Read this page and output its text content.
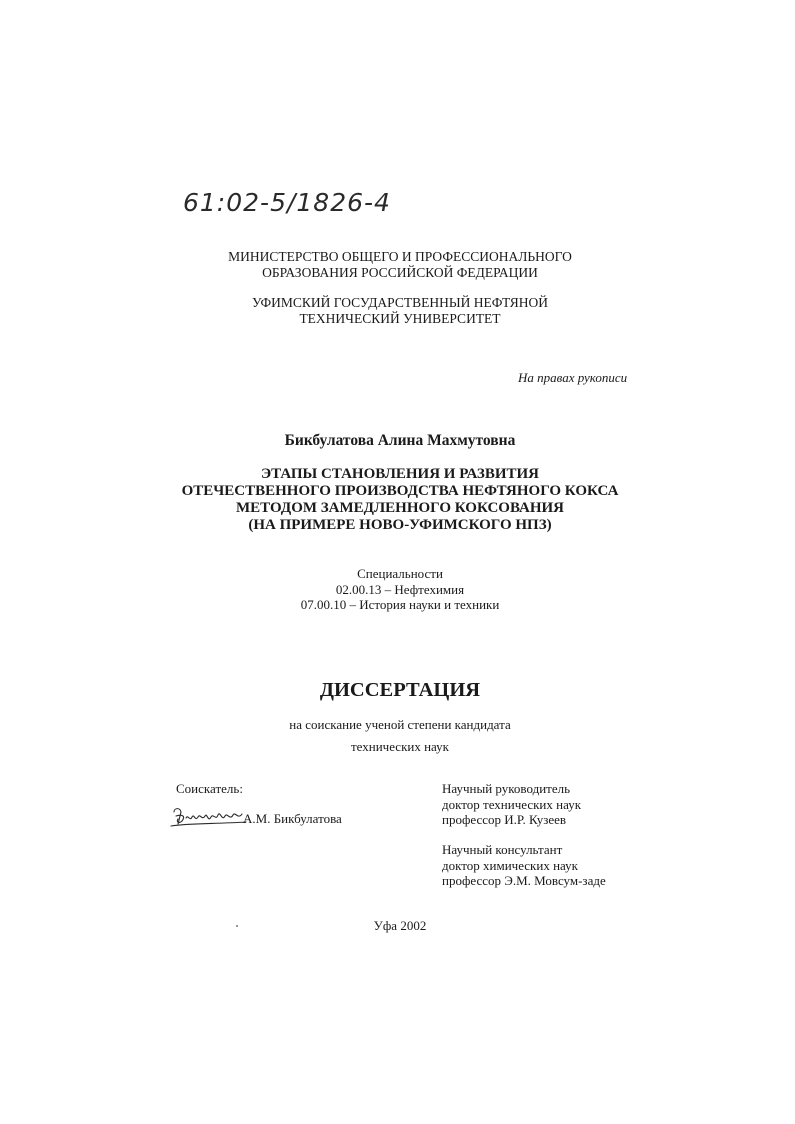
61:02-5/1826-4
МИНИСТЕРСТВО ОБЩЕГО И ПРОФЕССИОНАЛЬНОГО
ОБРАЗОВАНИЯ РОССИЙСКОЙ ФЕДЕРАЦИИ
УФИМСКИЙ ГОСУДАРСТВЕННЫЙ НЕФТЯНОЙ
ТЕХНИЧЕСКИЙ УНИВЕРСИТЕТ
На правах рукописи
Бикбулатова Алина Махмутовна
ЭТАПЫ СТАНОВЛЕНИЯ И РАЗВИТИЯ
ОТЕЧЕСТВЕННОГО ПРОИЗВОДСТВА НЕФТЯНОГО КОКСА
МЕТОДОМ ЗАМЕДЛЕННОГО КОКСОВАНИЯ
(НА ПРИМЕРЕ НОВО-УФИМСКОГО НПЗ)
Специальности
02.00.13 – Нефтехимия
07.00.10 – История науки и техники
ДИССЕРТАЦИЯ
на соискание ученой степени кандидата
технических наук
Соискатель:
А.М. Бикбулатова
Научный руководитель
доктор технических наук
профессор И.Р. Кузеев
Научный консультант
доктор химических наук
профессор Э.М. Мовсум-заде
Уфа 2002
